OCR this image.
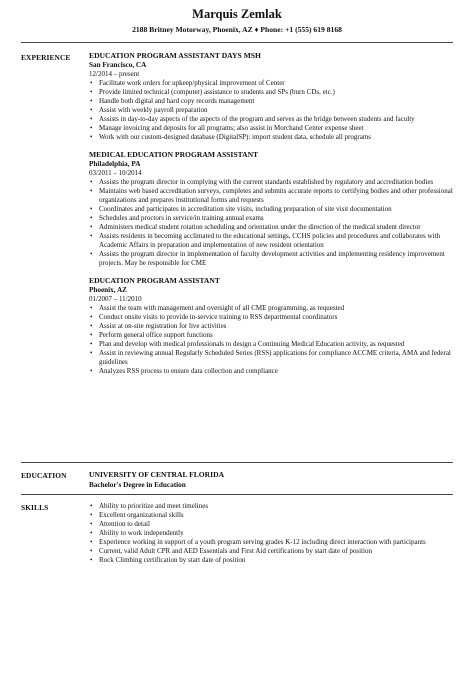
Marquis Zemlak
2188 Britney Motorway, Phoenix, AZ ♦ Phone: +1 (555) 619 8168
EXPERIENCE EDUCATION PROGRAM ASSISTANT DAYS MSH
San Francisco, CA
12/2014 – present
• Facilitate work orders for upkeep/physical improvement of Center
• Provide limited technical (computer) assistance to students and SPs (burn CDs, etc.)
• Handle both digital and hard copy records management
• Assist with weekly payroll preparation
• Assists in day-to-day aspects of the aspects of the program and serves as the bridge between students and faculty
• Manage invoicing and deposits for all programs; also assist in Morchand Center expense sheet
• Work with our custom-designed database (DigitalSP): import student data, schedule all programs
MEDICAL EDUCATION PROGRAM ASSISTANT
Philadelphia, PA
03/2011 – 10/2014
• Assists the program director in complying with the current standards established by regulatory and accreditation bodies
• Maintains web based accreditation surveys, completes and submits accurate reports to certifying bodies and other professional organizations and prepares institutional forms and requests
• Coordinates and participates in accreditation site visits, including preparation of site visit documentation
• Schedules and proctors in service/in training annual exams
• Administers medical student rotation scheduling and orientation under the direction of the medical student director
• Assists residents in becoming acclimated to the educational settings, CCHS policies and procedures and collaborates with Academic Affairs in preparation and implementation of new resident orientation
• Assists the program director in implementation of faculty development activities and implementing residency improvement projects. May be responsible for CME
EDUCATION PROGRAM ASSISTANT
Phoenix, AZ
01/2007 – 11/2010
• Assist the team with management and oversight of all CME programming, as requested
• Conduct onsite visits to provide in-service training to RSS departmental coordinators
• Assist at on-site registration for live activities
• Perform general office support functions
• Plan and develop with medical professionals to design a Continuing Medical Education activity, as requested
• Assist in reviewing annual Regularly Scheduled Series (RSS) applications for compliance ACCME criteria, AMA and federal guidelines
• Analyzes RSS process to ensure data collection and compliance
EDUCATION	UNIVERSITY OF CENTRAL FLORIDA
Bachelor's Degree in Education
SKILLS
•	Ability to prioritize and meet timelines
• Excellent organizational skills
• Attention to detail
• Ability to work independently
• Experience working in support of a youth program serving grades K-12 including direct interaction with participants
• Current, valid Adult CPR and AED Essentials and First Aid certifications by start date of position
• Rock Climbing certification by start date of position
